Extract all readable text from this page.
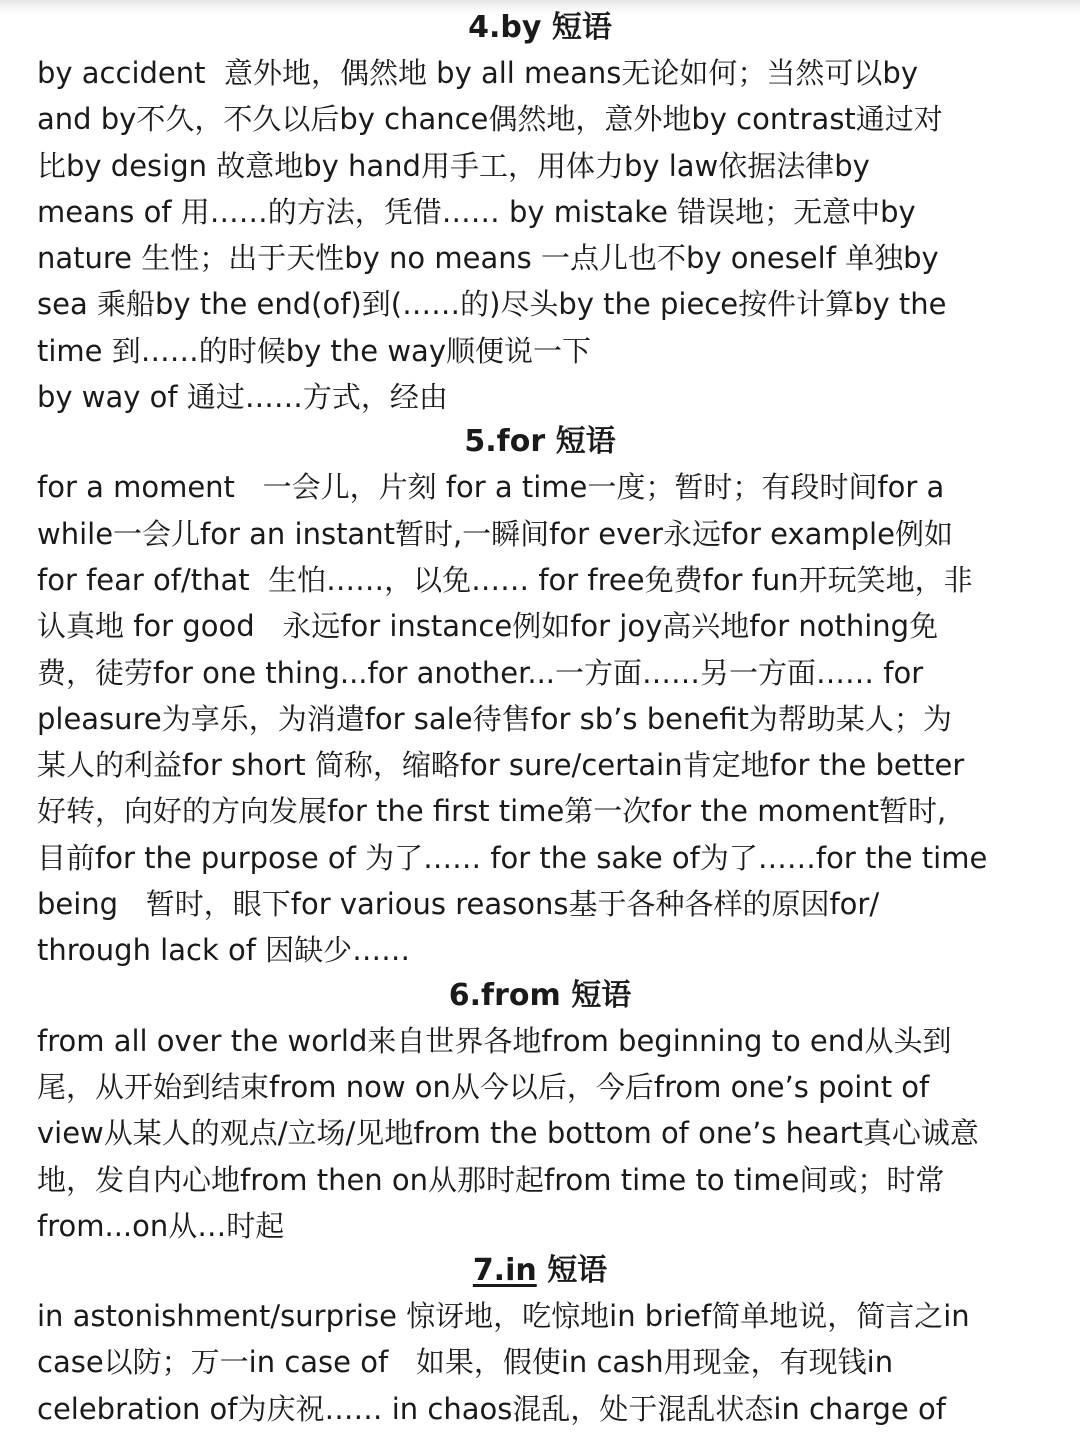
4.by 短语

by accident  意外地，偶然地 by all means无论如何；当然可以by

and by不久，不久以后by chance偶然地，意外地by contrast通过对

比by design 故意地by hand用手工，用体力by law依据法律by

means of 用……的方法，凭借…… by mistake 错误地；无意中by

nature 生性；出于天性by no means 一点儿也不by oneself 单独by

sea 乘船by the end(of)到(……的)尽头by the piece按件计算by the

time 到……的时候by the way顺便说一下

by way of 通过……方式，经由

5.for 短语

for a moment   一会儿，片刻 for a time一度；暂时；有段时间for a

while一会儿for an instant暂时,一瞬间for ever永远for example例如

for fear of/that  生怕……，以免…… for free免费for fun开玩笑地，非

认真地 for good   永远for instance例如for joy高兴地for nothing免

费，徒劳for one thing...for another...一方面……另一方面…… for

pleasure为享乐，为消遣for sale待售for sb’s benefit为帮助某人；为

某人的利益for short 简称，缩略for sure/certain肯定地for the better

好转，向好的方向发展for the first time第一次for the moment暂时,

目前for the purpose of 为了…… for the sake of为了……for the time

being   暂时，眼下for various reasons基于各种各样的原因for/

through lack of 因缺少……

6.from 短语

from all over the world来自世界各地from beginning to end从头到

尾，从开始到结束from now on从今以后，今后from one’s point of

view从某人的观点/立场/见地from the bottom of one’s heart真心诚意

地，发自内心地from then on从那时起from time to time间或；时常

from...on从…时起

7.in 短语

in astonishment/surprise 惊讶地，吃惊地in brief简单地说，简言之in

case以防；万一in case of   如果，假使in cash用现金，有现钱in

celebration of为庆祝…… in chaos混乱，处于混乱状态in charge of
